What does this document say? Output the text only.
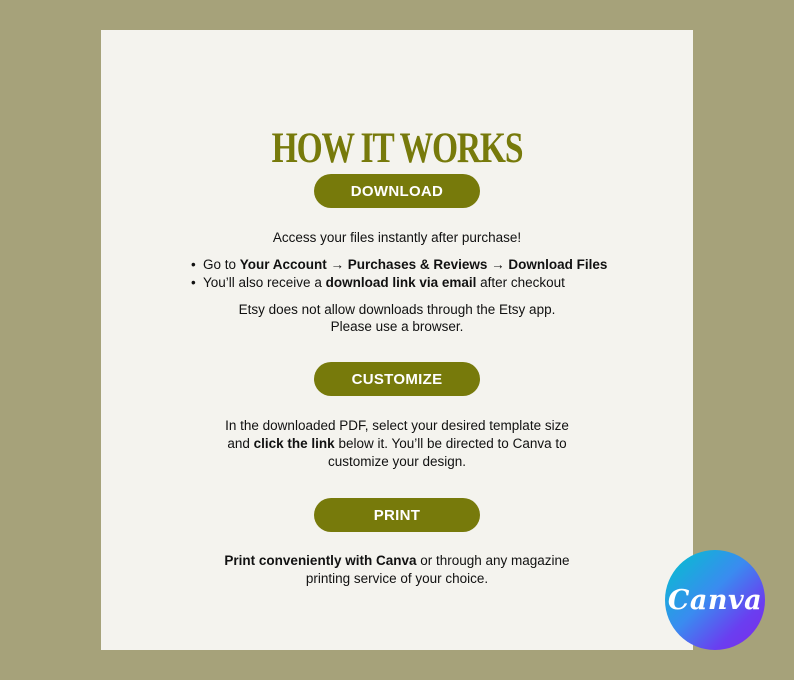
HOW IT WORKS
DOWNLOAD
Access your files instantly after purchase!
• Go to Your Account → Purchases & Reviews → Download Files
• You’ll also receive a download link via email after checkout
Etsy does not allow downloads through the Etsy app.
Please use a browser.
CUSTOMIZE
In the downloaded PDF, select your desired template size
and click the link below it. You’ll be directed to Canva to
customize your design.
PRINT
Print conveniently with Canva or through any magazine
printing service of your choice.
Canva
